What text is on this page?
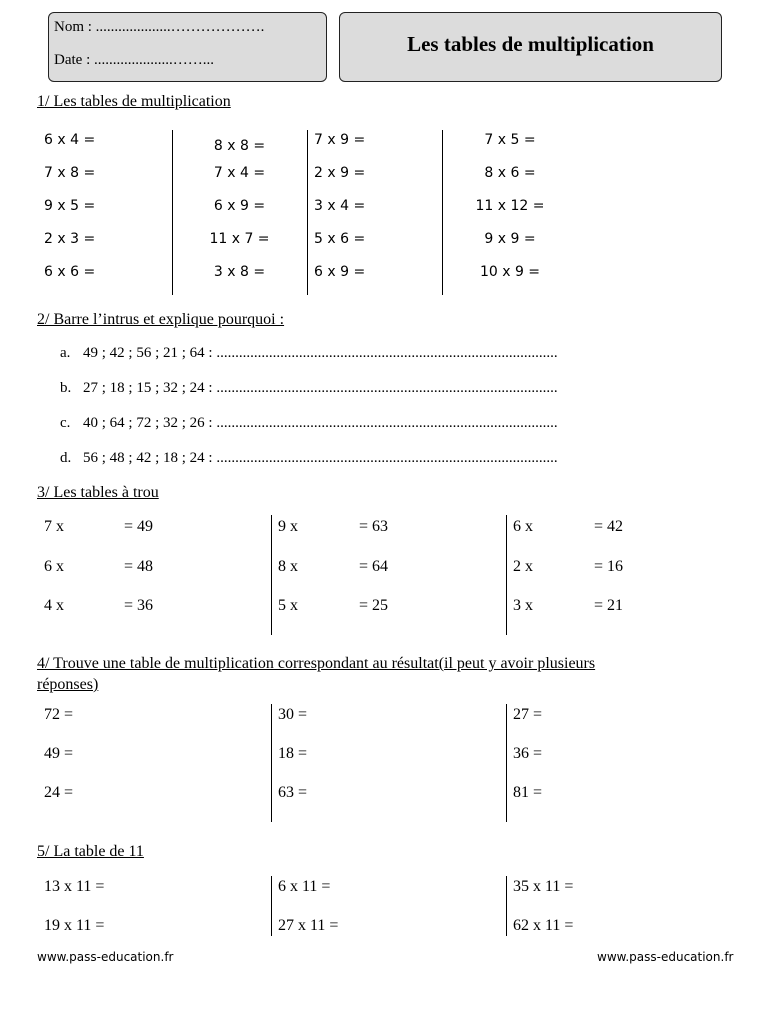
Nom : ....................……………….
Date : .....................……...
Les tables de multiplication
1/ Les tables de multiplication
6 x 4 =
7 x 8 =
9 x 5 =
2 x 3 =
6 x 6 =
8 x 8 =
7 x 4 =
6 x 9 =
11 x 7 =
3 x 8 =
7 x 9 =
2 x 9 =
3 x 4 =
5 x 6 =
6 x 9 =
7 x 5 =
8 x 6 =
11 x 12 =
9 x 9 =
10 x 9 =
2/ Barre l’intrus et explique pourquoi :
a. 49 ; 42 ; 56 ; 21 ; 64 : ...........................................................................................
b. 27 ; 18 ; 15 ; 32 ; 24 : ...........................................................................................
c. 40 ; 64 ; 72 ; 32 ; 26 : ...........................................................................................
d. 56 ; 48 ; 42 ; 18 ; 24 : ...........................................................................................
3/ Les tables à trou
7 x	= 49
6 x	= 48
4 x	= 36
9 x	= 63
8 x	= 64
5 x	= 25
6 x	= 42
2 x	= 16
3 x	= 21
4/ Trouve une table de multiplication correspondant au résultat(il peut y avoir plusieurs
réponses)
72 =
49 =
24 =
30 =
18 =
63 =
27 =
36 =
81 =
5/ La table de 11
13 x 11 =
19 x 11 =
6 x 11 =
27 x 11 =
35 x 11 =
62 x 11 =
www.pass-education.fr	www.pass-education.fr
